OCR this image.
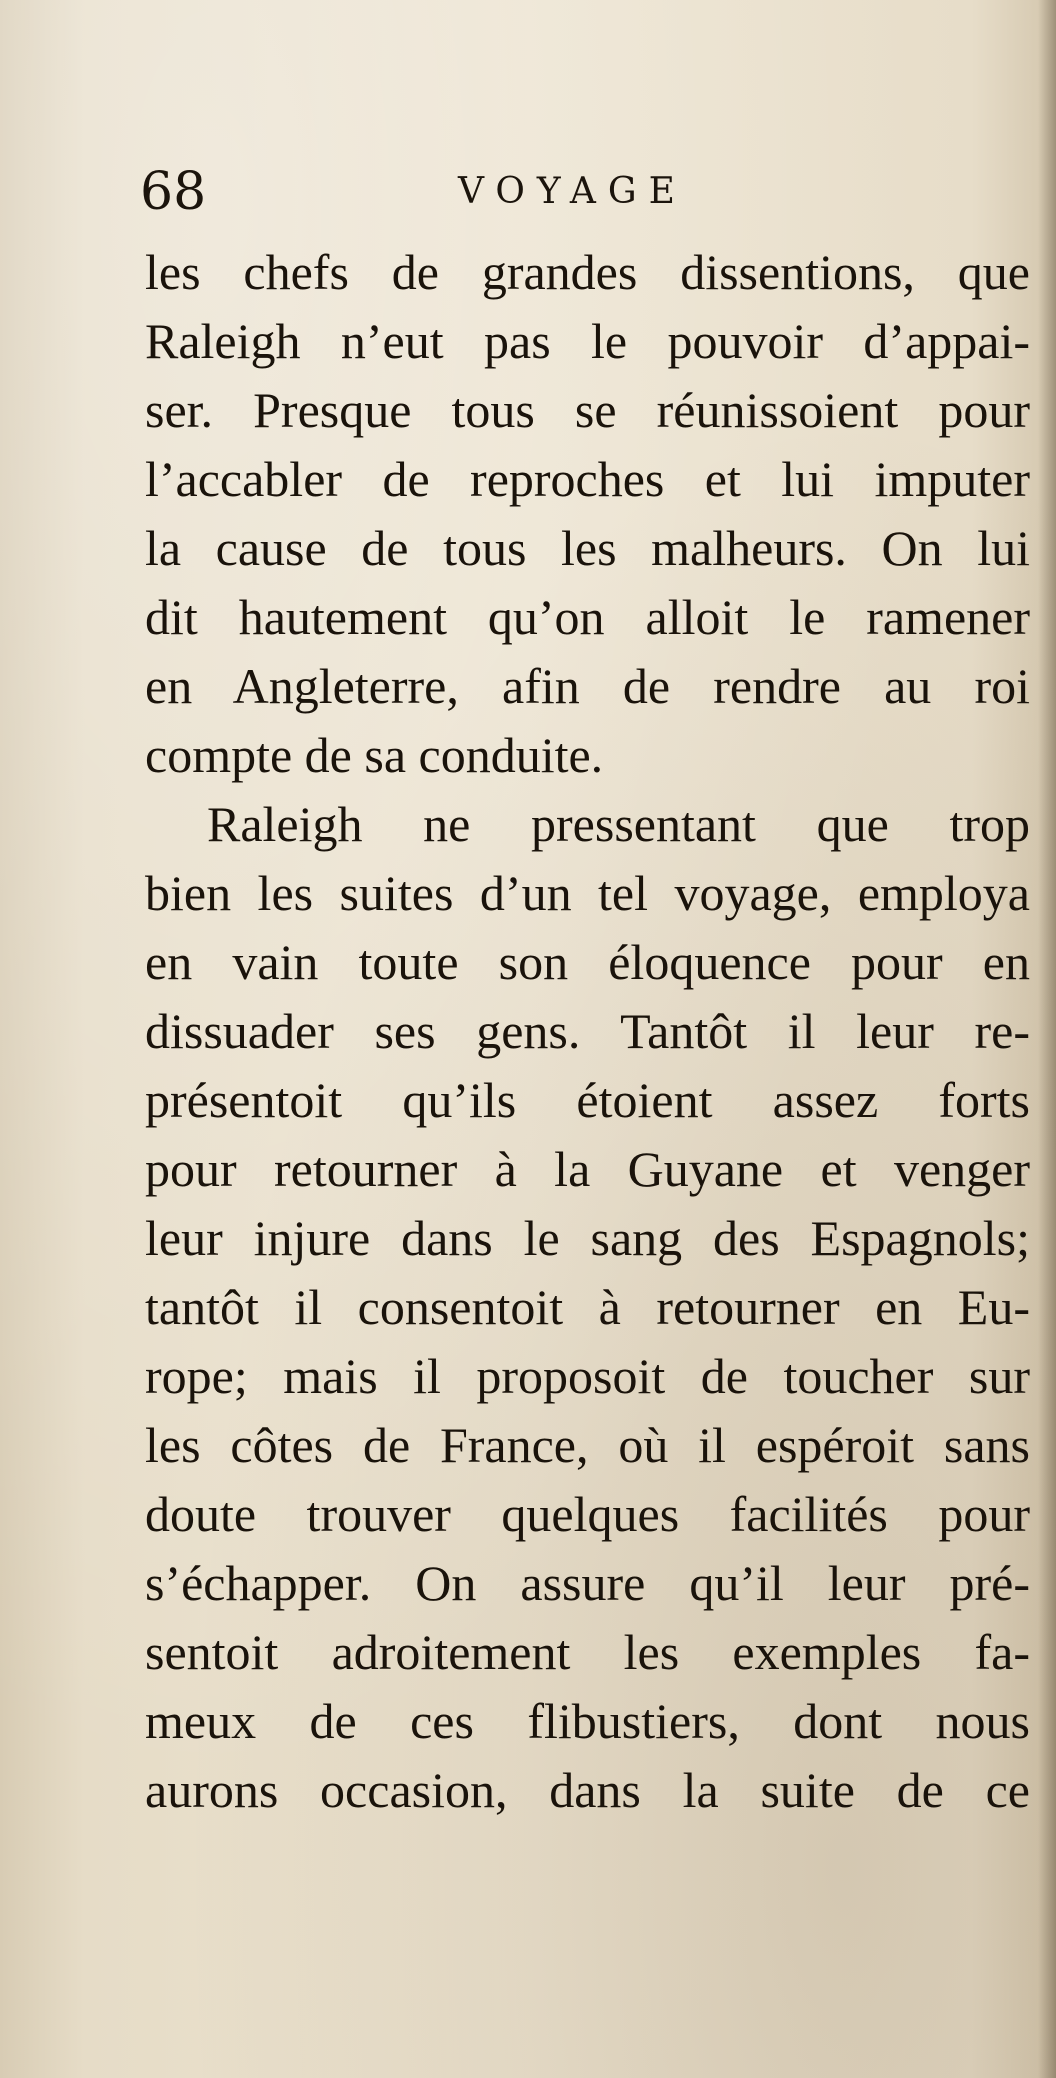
68	VOYAGE
les chefs de grandes dissentions, que
Raleigh n’eut pas le pouvoir d’appai-
ser. Presque tous se réunissoient pour
l’accabler de reproches et lui imputer
la cause de tous les malheurs. On lui
dit hautement qu’on alloit le ramener
en Angleterre, afin de rendre au roi
compte de sa conduite.
Raleigh ne pressentant que trop
bien les suites d’un tel voyage, employa
en vain toute son éloquence pour en
dissuader ses gens. Tantôt il leur re-
présentoit qu’ils étoient assez forts
pour retourner à la Guyane et venger
leur injure dans le sang des Espagnols;
tantôt il consentoit à retourner en Eu-
rope; mais il proposoit de toucher sur
les côtes de France, où il espéroit sans
doute trouver quelques facilités pour
s’échapper. On assure qu’il leur pré-
sentoit adroitement les exemples fa-
meux de ces flibustiers, dont nous
aurons occasion, dans la suite de ce
